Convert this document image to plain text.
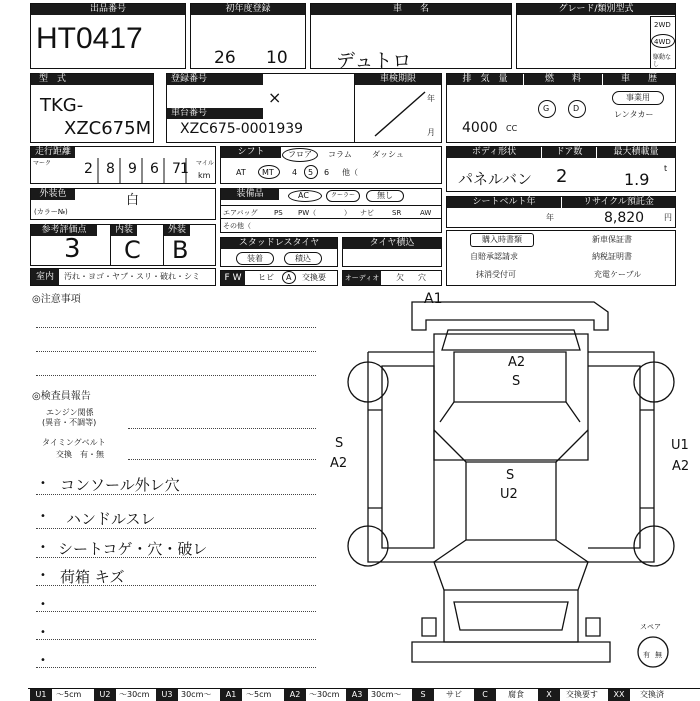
出品番号
HT0417
初年度登録
26 10
車　　名
デュトロ
グレード/類別型式
2WD
4WD
駆動なし
型　式
TKG-
XZC675M
登録番号
×
車台番号
XZC675-0001939
車検期限
年
月
排　気　量
4000 CC
燃　　料
G	D
車　　歴
事業用
レンタカー
走行距離
マーク 2 8 9 6 7 1 マイル
km
シフト	フロア コラム	ダッシュ
AT MT 4 5 6 他（
ボディ形状
パネルバン
ドア数
2
最大積載量
1.9
t
外装色	白
(カラー№)
装備品	AC	クーラー	無し
エアバッグ PS PW（	） ナビ	SR	AW
その他（
シートベルト年
年
リサイクル預託金
8,820 円
参考評価点
3
内装
C
外装
B
室内	汚れ・ヨゴ・ヤブ・スリ・破れ・シミ
スタッドレスタイヤ
装着	積込
F W	ヒビ A 交換要
タイヤ積込
オーディオ 欠 穴
購入時書類	新車保証書
自賠承認請求	納税証明書
抹消受付可	充電ケーブル
◎注意事項
◎検査員報告
エンジン関係
(異音・不調等)
タイミングベルト
交換　有・無
• コンソール外レ穴
• ハンドルスレ
• シートコゲ・穴・破レ
• 荷箱 キズ
•
•
•
A1
A2
S
S
A2
U1
A2
S
U2
スペア
有 無
U1	～5cm	U2	～30cm	U3	30cm～	A1	～5cm	A2	～30cm	A3	30cm～	S	サビ	C	腐食	X	交換要す	XX	交換済
